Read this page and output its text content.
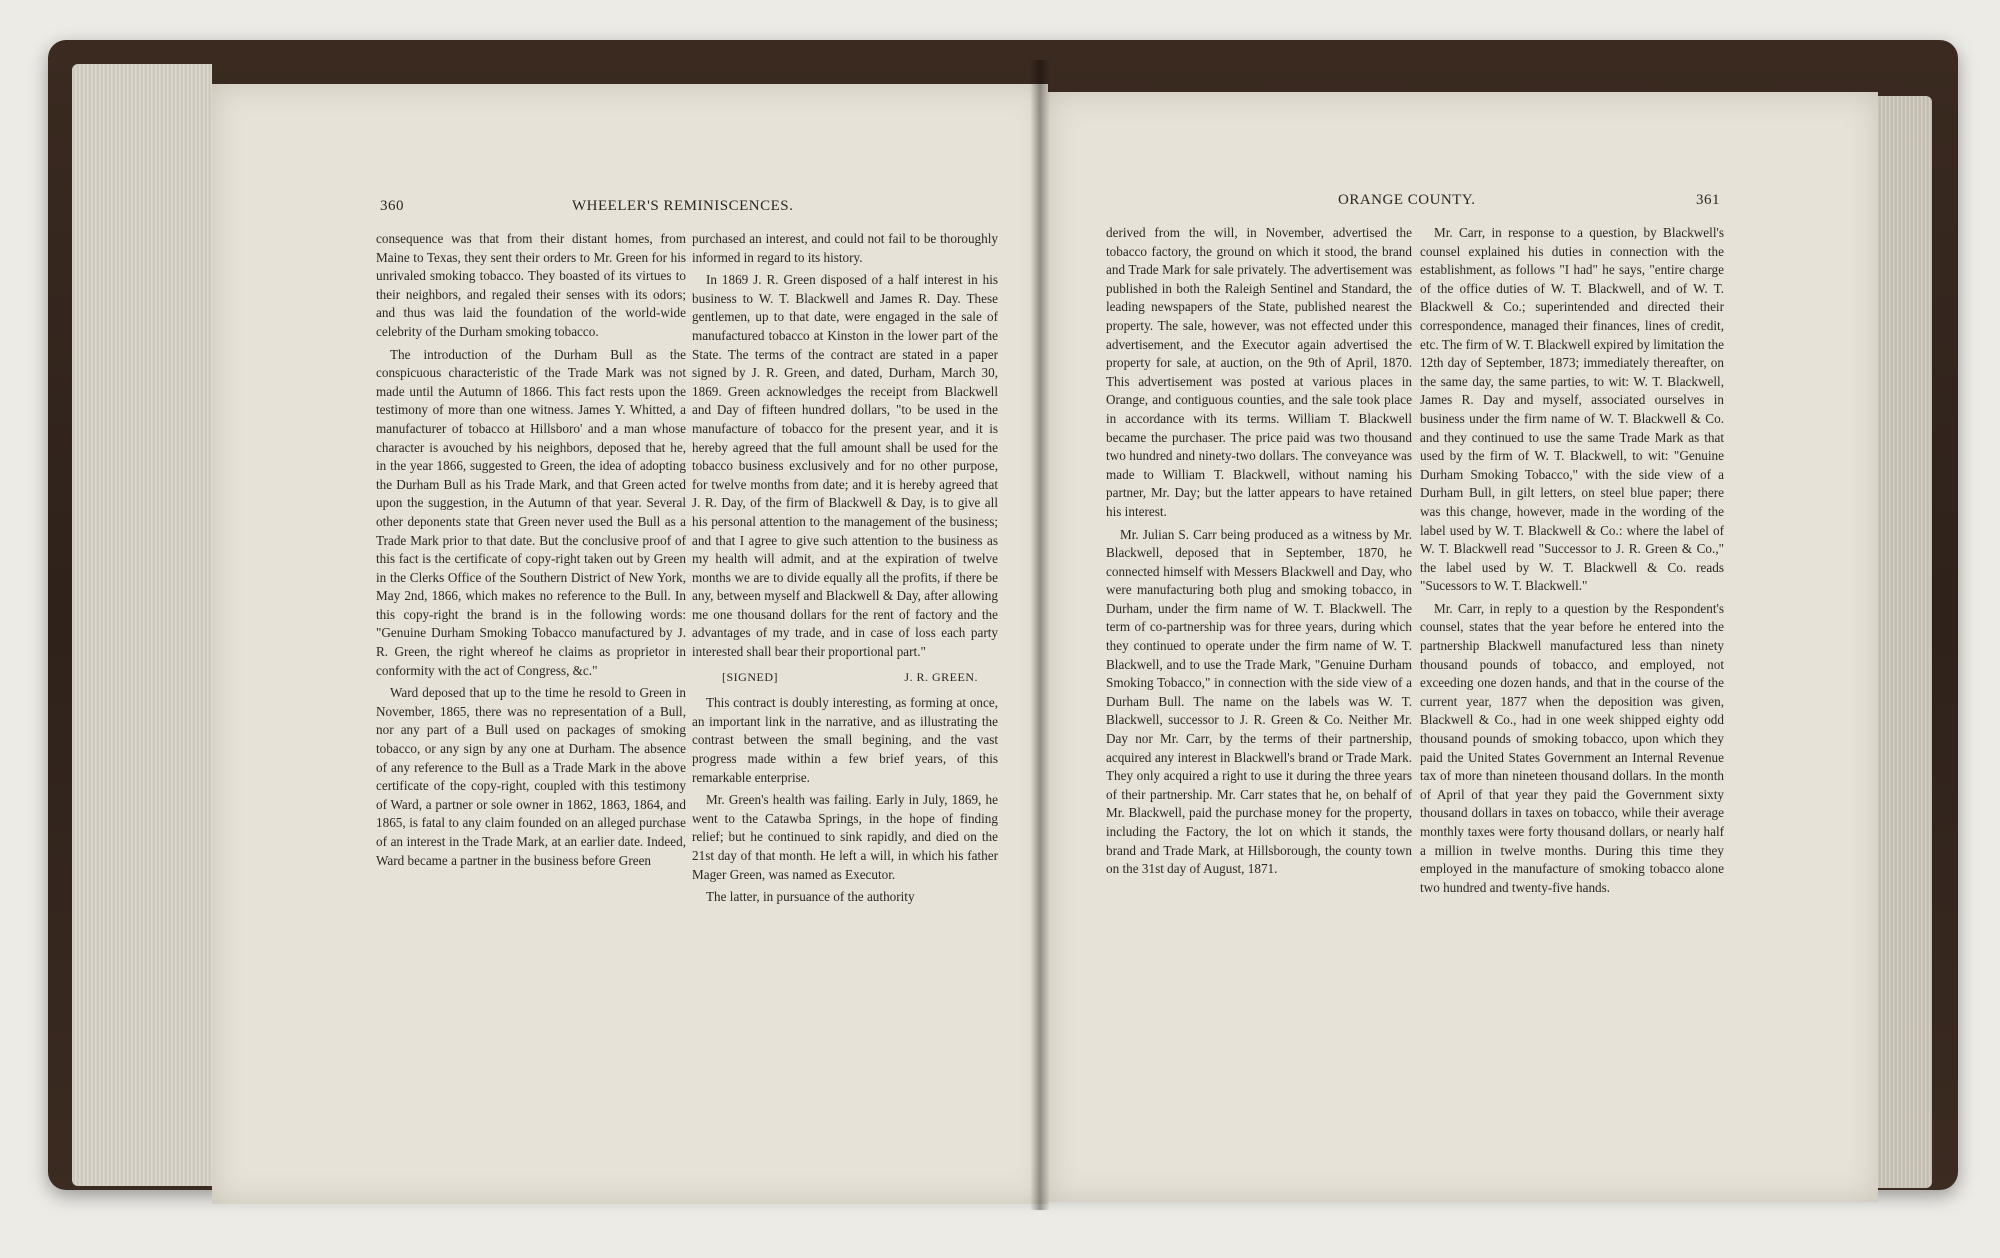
360	WHEELER'S REMINISCENCES.

consequence was that from their distant homes, from Maine to Texas, they sent their orders to Mr. Green for his unrivaled smoking tobacco. They boasted of its virtues to their neighbors, and regaled their senses with its odors; and thus was laid the foundation of the world-wide celebrity of the Durham smoking tobacco.

The introduction of the Durham Bull as the conspicuous characteristic of the Trade Mark was not made until the Autumn of 1866. This fact rests upon the testimony of more than one witness. James Y. Whitted, a manufacturer of tobacco at Hillsboro' and a man whose character is avouched by his neighbors, deposed that he, in the year 1866, suggested to Green, the idea of adopting the Durham Bull as his Trade Mark, and that Green acted upon the suggestion, in the Autumn of that year. Several other deponents state that Green never used the Bull as a Trade Mark prior to that date. But the conclusive proof of this fact is the certificate of copy-right taken out by Green in the Clerks Office of the Southern District of New York, May 2nd, 1866, which makes no reference to the Bull. In this copy-right the brand is in the following words: "Genuine Durham Smoking Tobacco manufactured by J. R. Green, the right whereof he claims as proprietor in conformity with the act of Congress, &c."

Ward deposed that up to the time he resold to Green in November, 1865, there was no representation of a Bull, nor any part of a Bull used on packages of smoking tobacco, or any sign by any one at Durham. The absence of any reference to the Bull as a Trade Mark in the above certificate of the copy-right, coupled with this testimony of Ward, a partner or sole owner in 1862, 1863, 1864, and 1865, is fatal to any claim founded on an alleged purchase of an interest in the Trade Mark, at an earlier date. Indeed, Ward became a partner in the business before Green

purchased an interest, and could not fail to be thoroughly informed in regard to its history.

In 1869 J. R. Green disposed of a half interest in his business to W. T. Blackwell and James R. Day. These gentlemen, up to that date, were engaged in the sale of manufactured tobacco at Kinston in the lower part of the State. The terms of the contract are stated in a paper signed by J. R. Green, and dated, Durham, March 30, 1869. Green acknowledges the receipt from Blackwell and Day of fifteen hundred dollars, "to be used in the manufacture of tobacco for the present year, and it is hereby agreed that the full amount shall be used for the tobacco business exclusively and for no other purpose, for twelve months from date; and it is hereby agreed that J. R. Day, of the firm of Blackwell & Day, is to give all his personal attention to the management of the business; and that I agree to give such attention to the business as my health will admit, and at the expiration of twelve months we are to divide equally all the profits, if there be any, between myself and Blackwell & Day, after allowing me one thousand dollars for the rent of factory and the advantages of my trade, and in case of loss each party interested shall bear their proportional part."

[SIGNED]	J. R. GREEN.

This contract is doubly interesting, as forming at once, an important link in the narrative, and as illustrating the contrast between the small begining, and the vast progress made within a few brief years, of this remarkable enterprise.

Mr. Green's health was failing. Early in July, 1869, he went to the Catawba Springs, in the hope of finding relief; but he continued to sink rapidly, and died on the 21st day of that month. He left a will, in which his father Mager Green, was named as Executor.

The latter, in pursuance of the authority

ORANGE COUNTY.	361

derived from the will, in November, advertised the tobacco factory, the ground on which it stood, the brand and Trade Mark for sale privately. The advertisement was published in both the Raleigh Sentinel and Standard, the leading newspapers of the State, published nearest the property. The sale, however, was not effected under this advertisement, and the Executor again advertised the property for sale, at auction, on the 9th of April, 1870. This advertisement was posted at various places in Orange, and contiguous counties, and the sale took place in accordance with its terms. William T. Blackwell became the purchaser. The price paid was two thousand two hundred and ninety-two dollars. The conveyance was made to William T. Blackwell, without naming his partner, Mr. Day; but the latter appears to have retained his interest.

Mr. Julian S. Carr being produced as a witness by Mr. Blackwell, deposed that in September, 1870, he connected himself with Messers Blackwell and Day, who were manufacturing both plug and smoking tobacco, in Durham, under the firm name of W. T. Blackwell. The term of co-partnership was for three years, during which they continued to operate under the firm name of W. T. Blackwell, and to use the Trade Mark, "Genuine Durham Smoking Tobacco," in connection with the side view of a Durham Bull. The name on the labels was W. T. Blackwell, successor to J. R. Green & Co. Neither Mr. Day nor Mr. Carr, by the terms of their partnership, acquired any interest in Blackwell's brand or Trade Mark. They only acquired a right to use it during the three years of their partnership. Mr. Carr states that he, on behalf of Mr. Blackwell, paid the purchase money for the property, including the Factory, the lot on which it stands, the brand and Trade Mark, at Hillsborough, the county town on the 31st day of August, 1871.

Mr. Carr, in response to a question, by Blackwell's counsel explained his duties in connection with the establishment, as follows "I had" he says, "entire charge of the office duties of W. T. Blackwell, and of W. T. Blackwell & Co.; superintended and directed their correspondence, managed their finances, lines of credit, etc. The firm of W. T. Blackwell expired by limitation the 12th day of September, 1873; immediately thereafter, on the same day, the same parties, to wit: W. T. Blackwell, James R. Day and myself, associated ourselves in business under the firm name of W. T. Blackwell & Co. and they continued to use the same Trade Mark as that used by the firm of W. T. Blackwell, to wit: "Genuine Durham Smoking Tobacco," with the side view of a Durham Bull, in gilt letters, on steel blue paper; there was this change, however, made in the wording of the label used by W. T. Blackwell & Co.: where the label of W. T. Blackwell read "Successor to J. R. Green & Co.," the label used by W. T. Blackwell & Co. reads "Sucessors to W. T. Blackwell."

Mr. Carr, in reply to a question by the Respondent's counsel, states that the year before he entered into the partnership Blackwell manufactured less than ninety thousand pounds of tobacco, and employed, not exceeding one dozen hands, and that in the course of the current year, 1877 when the deposition was given, Blackwell & Co., had in one week shipped eighty odd thousand pounds of smoking tobacco, upon which they paid the United States Government an Internal Revenue tax of more than nineteen thousand dollars. In the month of April of that year they paid the Government sixty thousand dollars in taxes on tobacco, while their average monthly taxes were forty thousand dollars, or nearly half a million in twelve months. During this time they employed in the manufacture of smoking tobacco alone two hundred and twenty-five hands.
